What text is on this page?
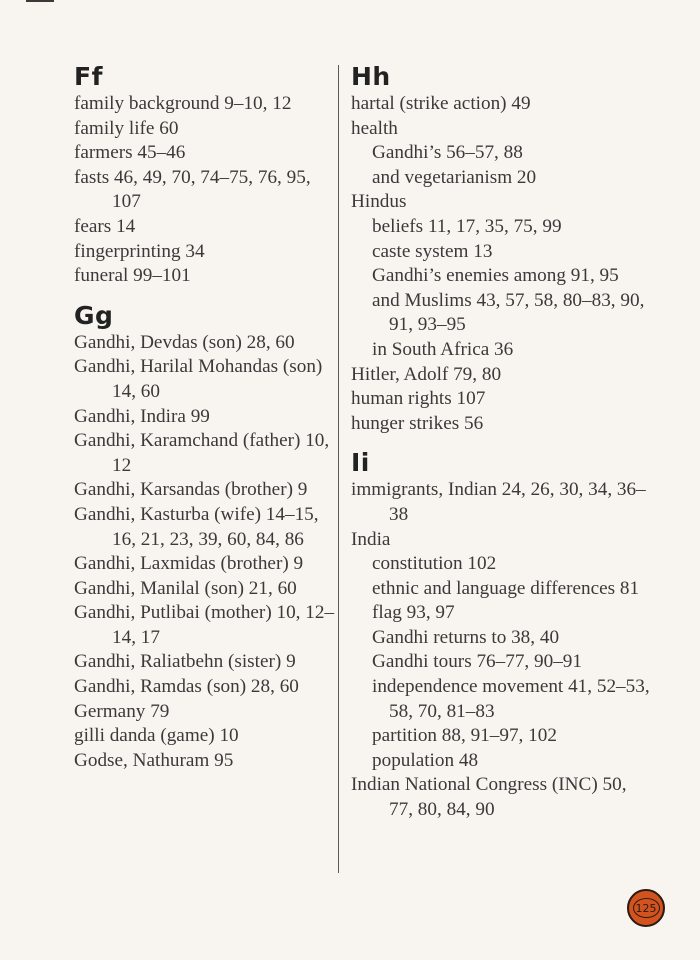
Ff

family background 9–10, 12

family life 60

farmers 45–46

fasts 46, 49, 70, 74–75, 76, 95, 107

fears 14

fingerprinting 34

funeral 99–101

Gg

Gandhi, Devdas (son) 28, 60

Gandhi, Harilal Mohandas (son) 14, 60

Gandhi, Indira 99

Gandhi, Karamchand (father) 10, 12

Gandhi, Karsandas (brother) 9

Gandhi, Kasturba (wife) 14–15, 16, 21, 23, 39, 60, 84, 86

Gandhi, Laxmidas (brother) 9

Gandhi, Manilal (son) 21, 60

Gandhi, Putlibai (mother) 10, 12–14, 17

Gandhi, Raliatbehn (sister) 9

Gandhi, Ramdas (son) 28, 60

Germany 79

gilli danda (game) 10

Godse, Nathuram 95

Hh

hartal (strike action) 49

health

Gandhi’s 56–57, 88

and vegetarianism 20

Hindus

beliefs 11, 17, 35, 75, 99

caste system 13

Gandhi’s enemies among 91, 95

and Muslims 43, 57, 58, 80–83, 90, 91, 93–95

in South Africa 36

Hitler, Adolf 79, 80

human rights 107

hunger strikes 56

Ii

immigrants, Indian 24, 26, 30, 34, 36–38

India

constitution 102

ethnic and language differences 81

flag 93, 97

Gandhi returns to 38, 40

Gandhi tours 76–77, 90–91

independence movement 41, 52–53, 58, 70, 81–83

partition 88, 91–97, 102

population 48

Indian National Congress (INC) 50, 77, 80, 84, 90

125
